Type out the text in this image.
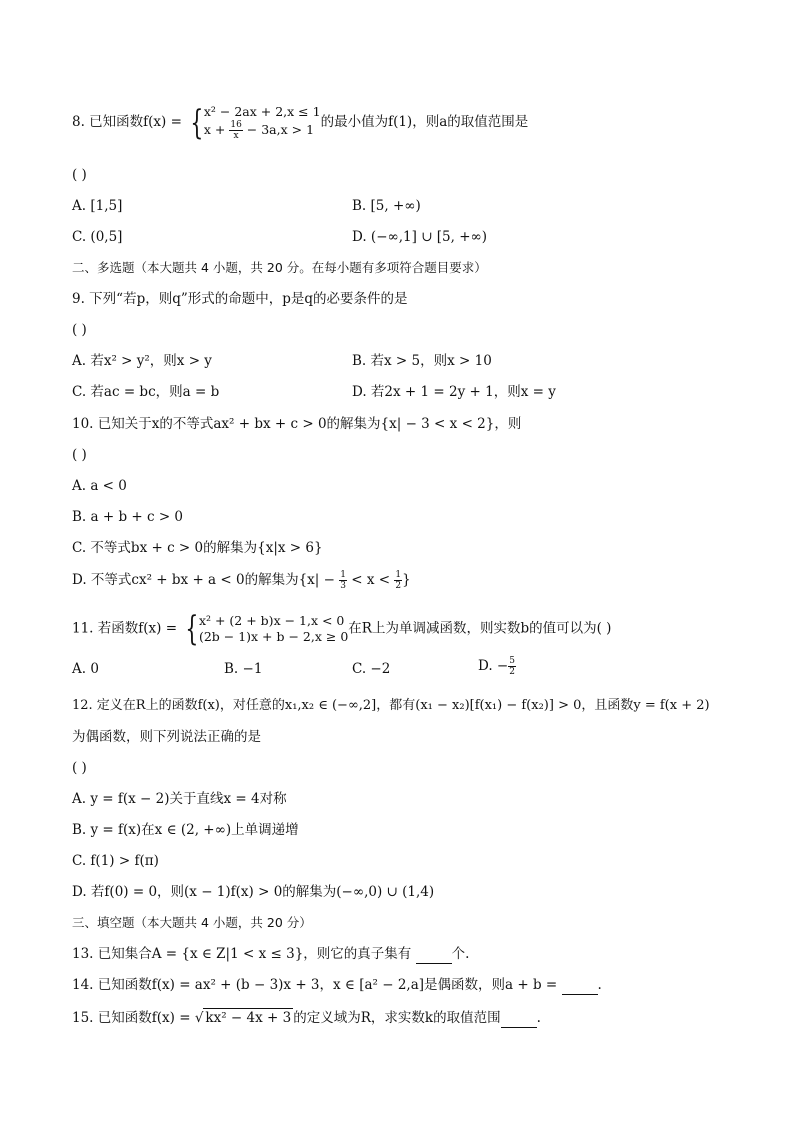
8. 已知函数f(x) = { x² − 2ax + 2,x ≤ 1
$x + \frac{16}{x} - 3a,x > 1$ 的最小值为f(1)，则a的取值范围是
( )
A. [1,5]	B. [5, +∞)
C. (0,5]	D. (−∞,1] ∪ [5, +∞)
二、多选题（本大题共 4 小题，共 20 分。在每小题有多项符合题目要求）
9. 下列“若p，则q”形式的命题中，p是q的必要条件的是
( )
A. 若x² > y²，则x > y	B. 若x > 5，则x > 10
C. 若ac = bc，则a = b	D. 若2x + 1 = 2y + 1，则x = y
10. 已知关于x的不等式ax² + bx + c > 0的解集为{x| − 3 < x < 2}，则
( )
A. a < 0
B. a + b + c > 0
C. 不等式bx + c > 0的解集为{x|x > 6}
D. 不等式cx² + bx + a < 0的解集为{$x| - \frac{1}{3} < x < \frac{1}{2}$ }
11. 若函数f(x) = { x² + (2 + b)x − 1,x < 0
(2b − 1)x + b − 2,x ≥ 0 在R上为单调减函数，则实数b的值可以为( )
A. 0	B. −1	C. −2	D. − $\frac{5}{2}$
12. 定义在R上的函数f(x)，对任意的x₁,x₂ ∈ (−∞,2]，都有(x₁ − x₂)[f(x₁) − f(x₂)] > 0，且函数y = f(x + 2)
为偶函数，则下列说法正确的是
( )
A. y = f(x − 2)关于直线x = 4对称
B. y = f(x)在x ∈ (2, +∞)上单调递增
C. f(1) > f(π)
D. 若f(0) = 0，则(x − 1)f(x) > 0的解集为(−∞,0) ∪ (1,4)
三、填空题（本大题共 4 小题，共 20 分）
13. 已知集合A = {x ∈ Z|1 < x ≤ 3}，则它的真子集有	个.
14. 已知函数f(x) = ax² + (b − 3)x + 3，x ∈ [a² − 2,a]是偶函数，则a + b =	.
15. 已知函数f(x) = √ kx² − 4x + 3 的定义域为R，求实数k的取值范围	.
